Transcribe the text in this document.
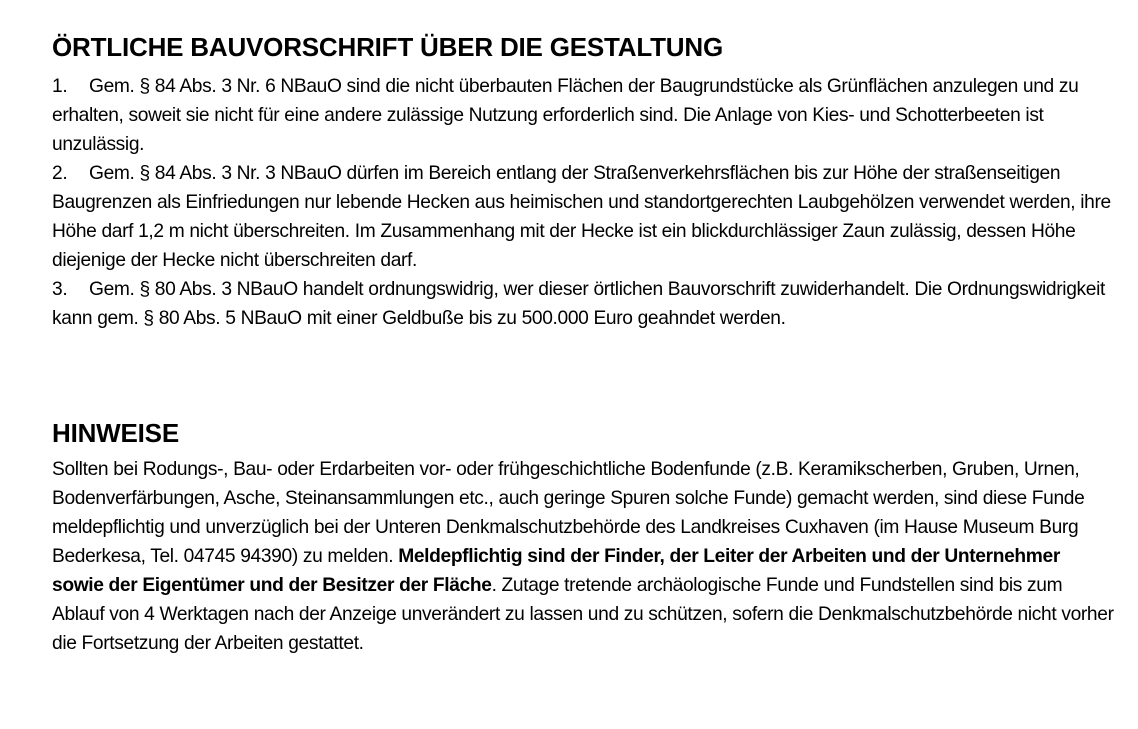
ÖRTLICHE BAUVORSCHRIFT ÜBER DIE GESTALTUNG
1. Gem. § 84 Abs. 3 Nr. 6 NBauO sind die nicht überbauten Flächen der Baugrundstücke als Grünflächen anzulegen und zu erhalten, soweit sie nicht für eine andere zulässige Nutzung erforderlich sind. Die Anlage von Kies- und Schotterbeeten ist unzulässig.
2. Gem. § 84 Abs. 3 Nr. 3 NBauO dürfen im Bereich entlang der Straßenverkehrsflächen bis zur Höhe der straßenseitigen Baugrenzen als Einfriedungen nur lebende Hecken aus heimischen und standortgerechten Laubgehölzen verwendet werden, ihre Höhe darf 1,2 m nicht überschreiten. Im Zusammenhang mit der Hecke ist ein blickdurchlässiger Zaun zulässig, dessen Höhe diejenige der Hecke nicht überschreiten darf.
3. Gem. § 80 Abs. 3 NBauO handelt ordnungswidrig, wer dieser örtlichen Bauvorschrift zuwiderhandelt. Die Ordnungswidrigkeit kann gem. § 80 Abs. 5 NBauO mit einer Geldbuße bis zu 500.000 Euro geahndet werden.
HINWEISE

Sollten bei Rodungs-, Bau- oder Erdarbeiten vor- oder frühgeschichtliche Bodenfunde (z.B. Keramikscherben, Gruben, Urnen, Bodenverfärbungen, Asche, Steinansammlungen etc., auch geringe Spuren solche Funde) gemacht werden, sind diese Funde meldepflichtig und unverzüglich bei der Unteren Denkmalschutzbehörde des Landkreises Cuxhaven (im Hause Museum Burg Bederkesa, Tel. 04745 94390) zu melden. Meldepflichtig sind der Finder, der Leiter der Arbeiten und der Unternehmer sowie der Eigentümer und der Besitzer der Fläche. Zutage tretende archäologische Funde und Fundstellen sind bis zum Ablauf von 4 Werktagen nach der Anzeige unverändert zu lassen und zu schützen, sofern die Denkmalschutzbehörde nicht vorher die Fortsetzung der Arbeiten gestattet.
